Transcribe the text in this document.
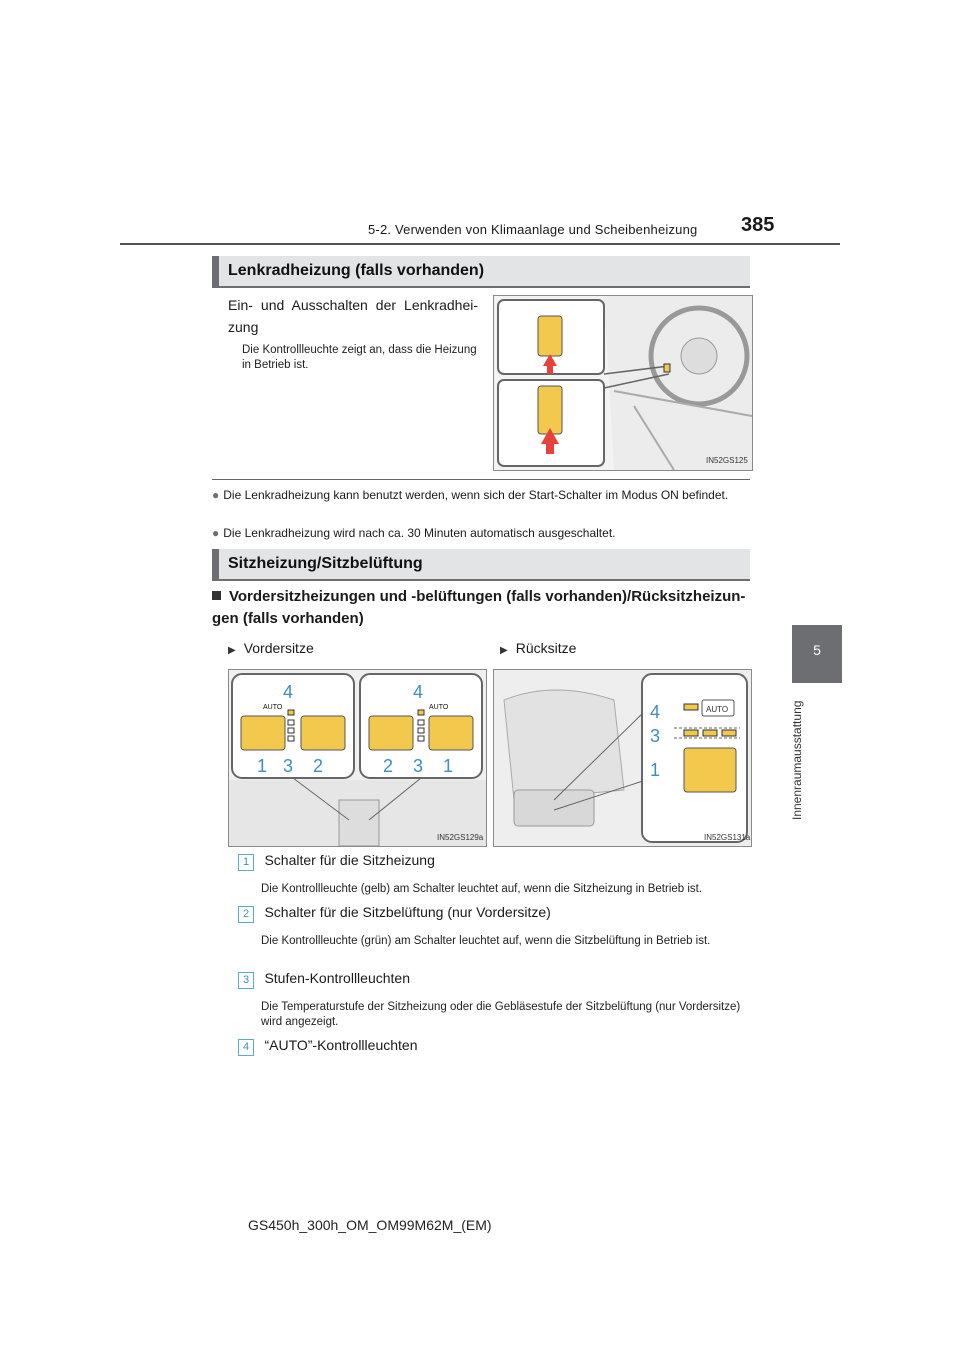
5-2. Verwenden von Klimaanlage und Scheibenheizung 385
5
Innenraumausstattung
Lenkradheizung (falls vorhanden)
Ein- und Ausschalten der Lenkradhei-zung
Die Kontrollleuchte zeigt an, dass die Heizung in Betrieb ist.
IN52GS125
● Die Lenkradheizung kann benutzt werden, wenn sich der Start-Schalter im Modus ON befindet.
● Die Lenkradheizung wird nach ca. 30 Minuten automatisch ausgeschaltet.
Sitzheizung/Sitzbelüftung
Vordersitzheizungen und -belüftungen (falls vorhanden)/Rücksitzheizun-gen (falls vorhanden)
▶ Vordersitze	▶ Rücksitze
AUTO	AUTO
4	4
1 3 2	2 3 1
IN52GS129a
AUTO
4
3
1
IN52GS131a
1 Schalter für die Sitzheizung
Die Kontrollleuchte (gelb) am Schalter leuchtet auf, wenn die Sitzheizung in Betrieb ist.
2 Schalter für die Sitzbelüftung (nur Vordersitze)
Die Kontrollleuchte (grün) am Schalter leuchtet auf, wenn die Sitzbelüftung in Betrieb ist.
3 Stufen-Kontrollleuchten
Die Temperaturstufe der Sitzheizung oder die Gebläsestufe der Sitzbelüftung (nur Vordersitze) wird angezeigt.
4 “AUTO”-Kontrollleuchten
GS450h_300h_OM_OM99M62M_(EM)
